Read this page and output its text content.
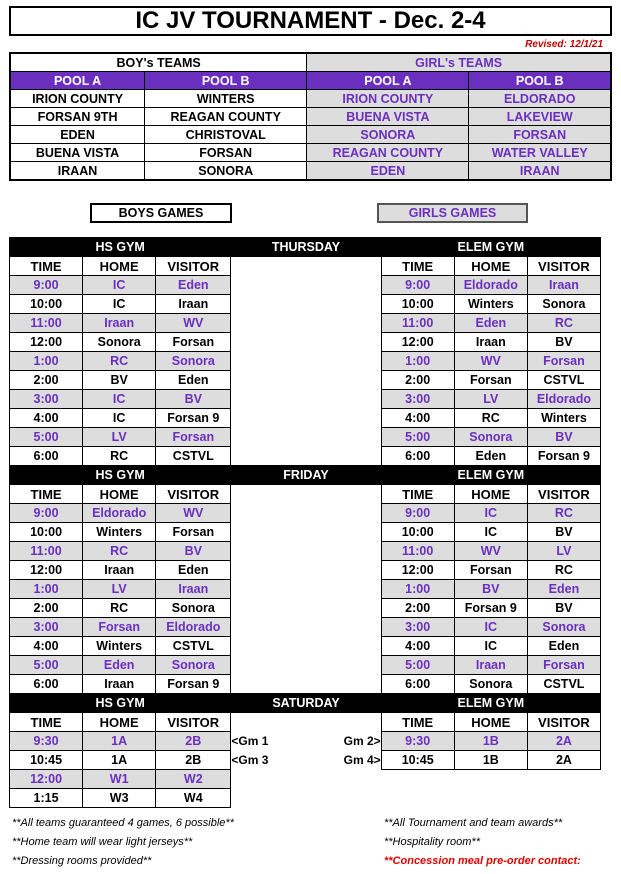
IC JV TOURNAMENT - Dec. 2-4
Revised: 12/1/21
BOY's TEAMS		GIRL's TEAMS	
POOL A	POOL B	POOL A	POOL B
IRION COUNTY	WINTERS	IRION COUNTY	ELDORADO
FORSAN 9TH	REAGAN COUNTY	BUENA VISTA	LAKEVIEW
EDEN	CHRISTOVAL	SONORA	FORSAN
BUENA VISTA	FORSAN	REAGAN COUNTY	WATER VALLEY
IRAAN	SONORA	EDEN	IRAAN
BOYS GAMES	GIRLS GAMES
HS GYM			THURSDAY	ELEM GYM		
TIME	HOME	VISITOR		TIME	HOME	VISITOR
9:00	IC	Eden		9:00	Eldorado	Iraan
10:00	IC	Iraan		10:00	Winters	Sonora
11:00	Iraan	WV		11:00	Eden	RC
12:00	Sonora	Forsan		12:00	Iraan	BV
1:00	RC	Sonora		1:00	WV	Forsan
2:00	BV	Eden		2:00	Forsan	CSTVL
3:00	IC	BV		3:00	LV	Eldorado
4:00	IC	Forsan 9		4:00	RC	Winters
5:00	LV	Forsan		5:00	Sonora	BV
6:00	RC	CSTVL		6:00	Eden	Forsan 9
HS GYM			FRIDAY	ELEM GYM		
TIME	HOME	VISITOR		TIME	HOME	VISITOR
9:00	Eldorado	WV		9:00	IC	RC
10:00	Winters	Forsan		10:00	IC	BV
11:00	RC	BV		11:00	WV	LV
12:00	Iraan	Eden		12:00	Forsan	RC
1:00	LV	Iraan		1:00	BV	Eden
2:00	RC	Sonora		2:00	Forsan 9	BV
3:00	Forsan	Eldorado		3:00	IC	Sonora
4:00	Winters	CSTVL		4:00	IC	Eden
5:00	Eden	Sonora		5:00	Iraan	Forsan
6:00	Iraan	Forsan 9		6:00	Sonora	CSTVL
HS GYM			SATURDAY	ELEM GYM		
TIME	HOME	VISITOR		TIME	HOME	VISITOR
9:30	1A	2B	<Gm 1 Gm 2>	9:30	1B	2A
10:45	1A	2B	<Gm 3 Gm 4>	10:45	1B	2A
12:00	W1	W2				
1:15	W3	W4				
**All teams guaranteed 4 games, 6 possible**
**Home team will wear light jerseys**
**Dressing rooms provided**
**All Tournament and team awards**
**Hospitality room**
**Concession meal pre-order contact:
